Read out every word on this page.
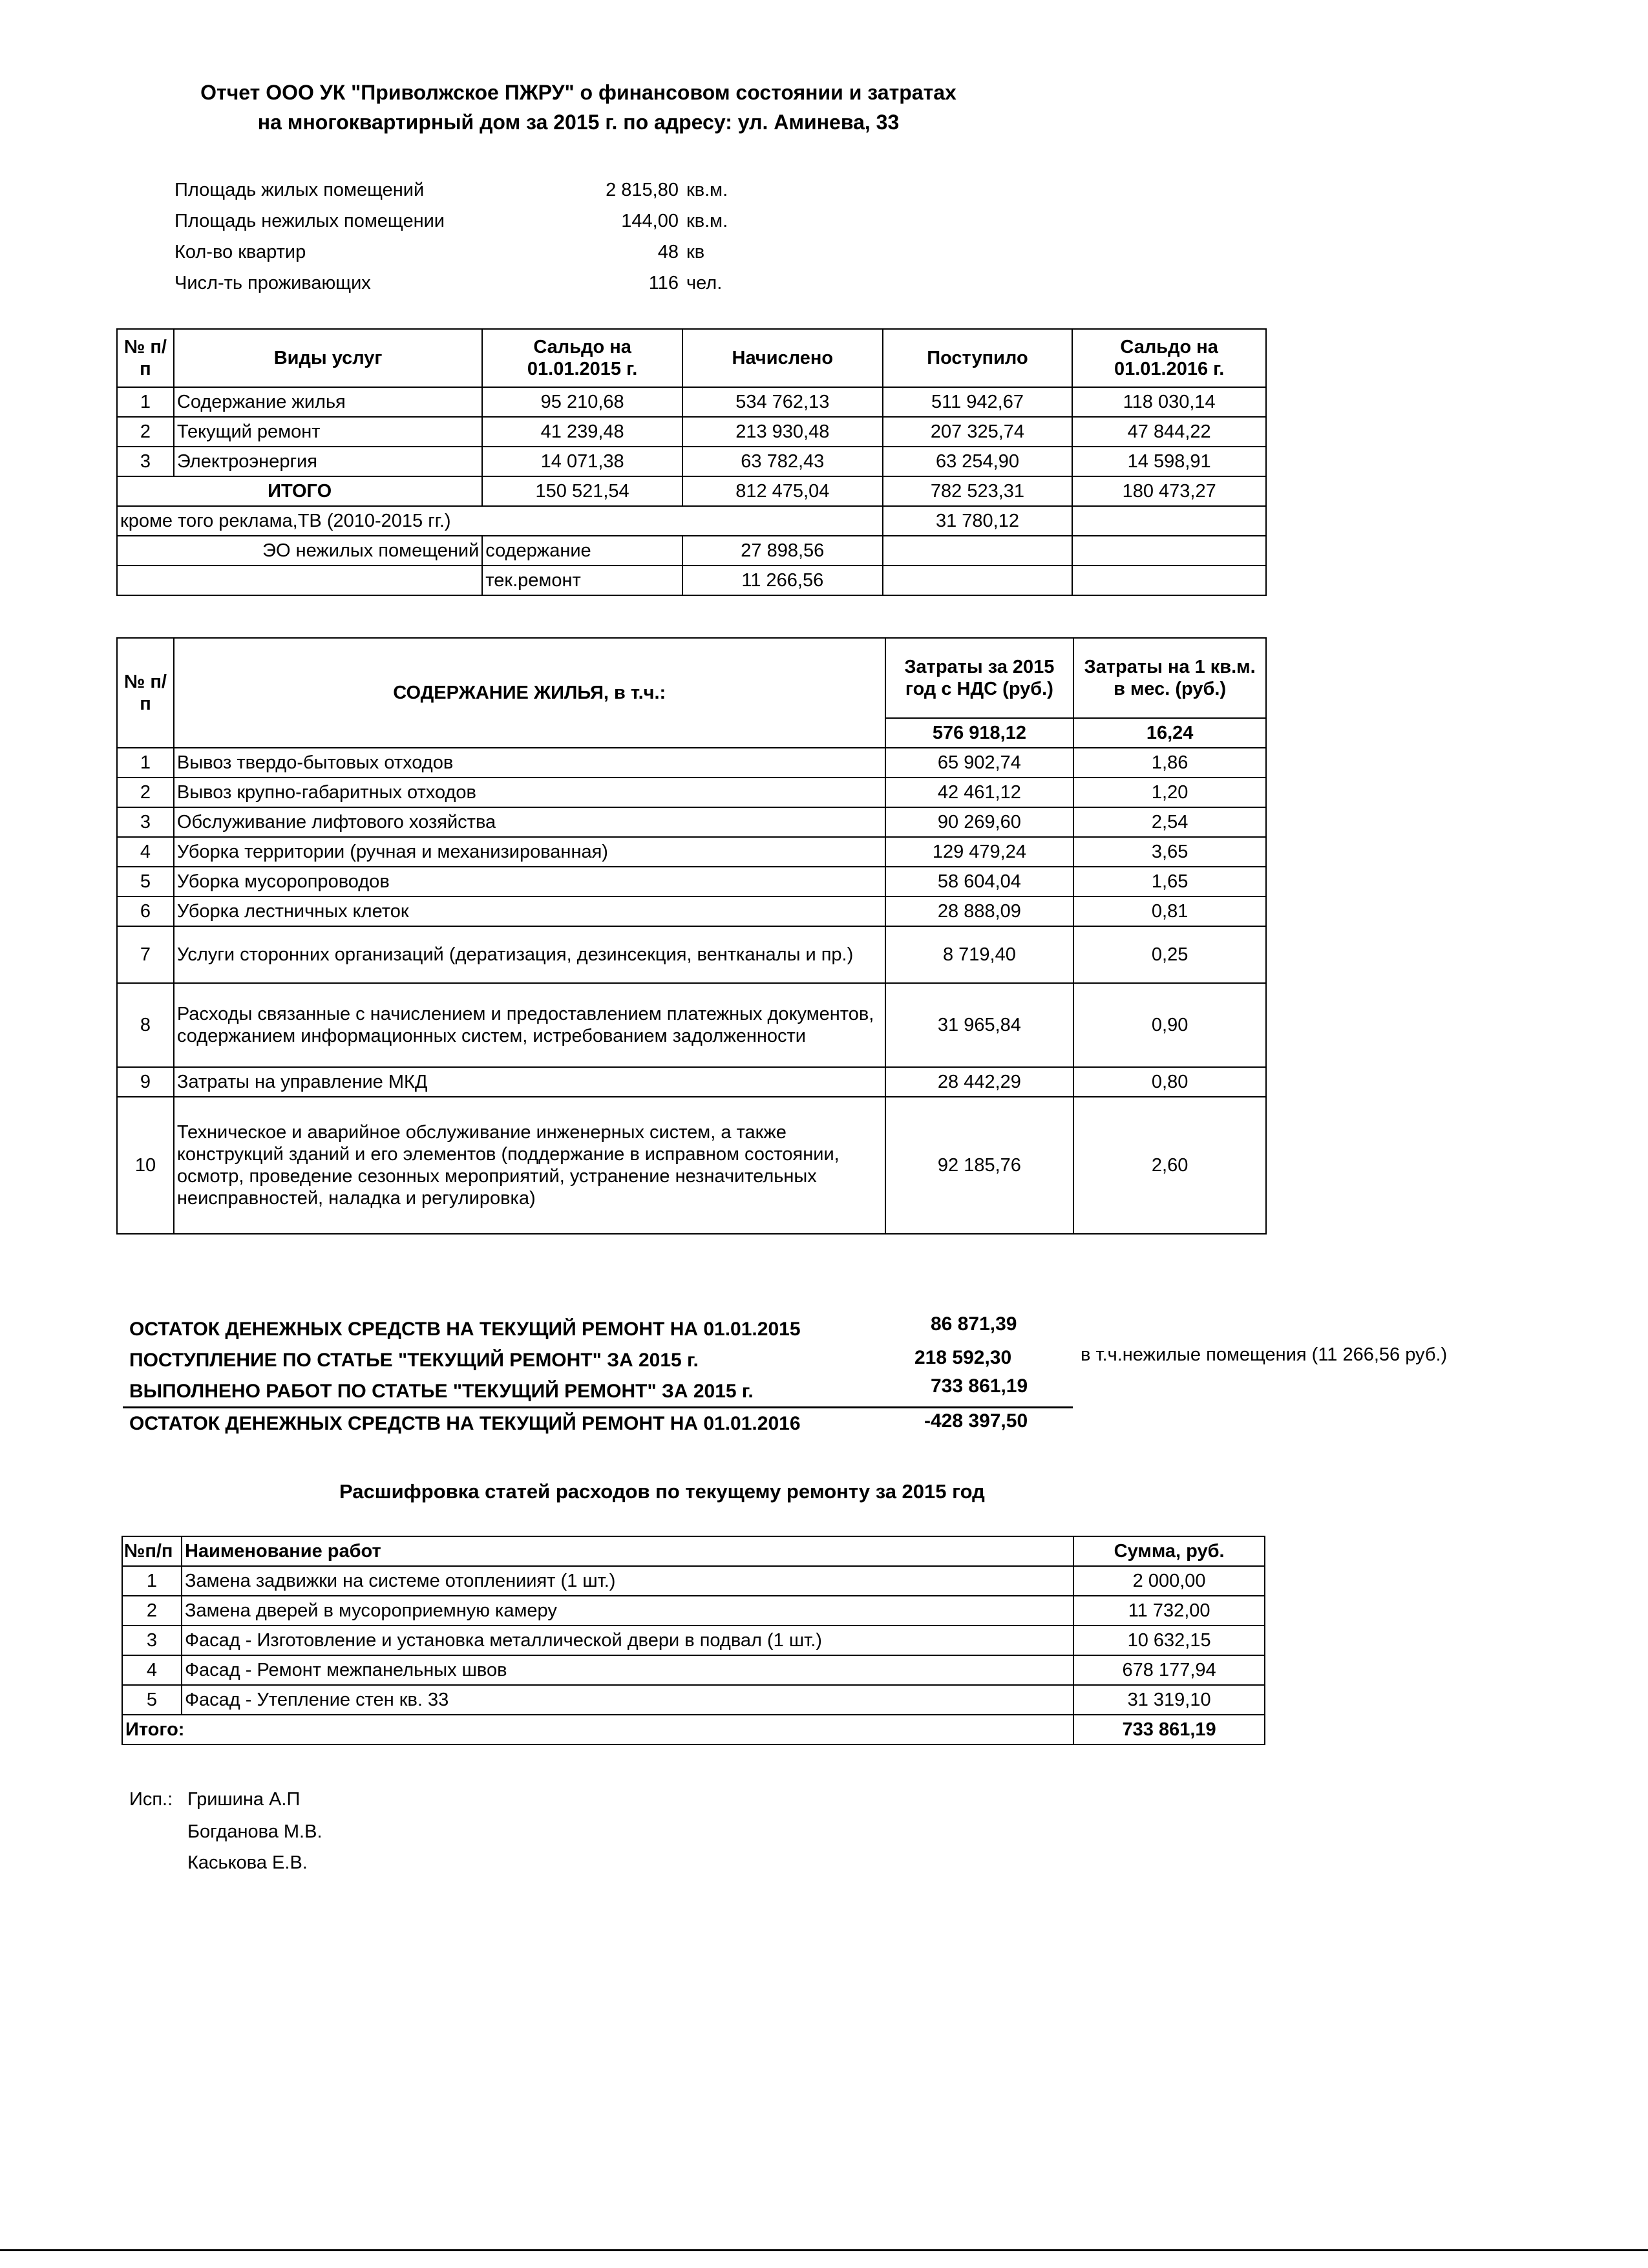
Отчет ООО УК "Приволжское ПЖРУ" о финансовом состоянии и затратах
на многоквартирный дом за 2015 г. по адресу: ул. Аминева, 33
Площадь жилых помещений	2 815,80 кв.м.
Площадь нежилых помещении	144,00 кв.м.
Кол-во квартир	48 кв
Числ-ть проживающих	116 чел.
№ п/п	Виды услуг	Сальдо на 01.01.2015 г.	Начислено	Поступило	Сальдо на 01.01.2016 г.
1	Содержание жилья	95 210,68	534 762,13	511 942,67	118 030,14
2	Текущий ремонт	41 239,48	213 930,48	207 325,74	47 844,22
3	Электроэнергия	14 071,38	63 782,43	63 254,90	14 598,91
ИТОГО		150 521,54	812 475,04	782 523,31	180 473,27
кроме того реклама,ТВ (2010-2015 гг.)				31 780,12	
ЭО нежилых помещений		содержание	27 898,56		
		тек.ремонт	11 266,56		
№ п/п	СОДЕРЖАНИЕ ЖИЛЬЯ, в т.ч.:	Затраты за 2015 год с НДС (руб.)	Затраты на 1 кв.м. в мес. (руб.)
		576 918,12	16,24
1	Вывоз твердо-бытовых отходов	65 902,74	1,86
2	Вывоз крупно-габаритных отходов	42 461,12	1,20
3	Обслуживание лифтового хозяйства	90 269,60	2,54
4	Уборка территории (ручная и механизированная)	129 479,24	3,65
5	Уборка мусоропроводов	58 604,04	1,65
6	Уборка лестничных клеток	28 888,09	0,81
7	Услуги сторонних организаций (дератизация, дезинсекция, вентканалы и пр.)	8 719,40	0,25
8	Расходы связанные с начислением и предоставлением платежных документов, содержанием информационных систем, истребованием задолженности	31 965,84	0,90
9	Затраты на управление МКД	28 442,29	0,80
10	Техническое и аварийное обслуживание инженерных систем, а также конструкций зданий и его элементов (поддержание в исправном состоянии, осмотр, проведение сезонных мероприятий, устранение незначительных неисправностей, наладка и регулировка)	92 185,76	2,60
ОСТАТОК ДЕНЕЖНЫХ СРЕДСТВ НА ТЕКУЩИЙ РЕМОНТ НА 01.01.2015	86 871,39
ПОСТУПЛЕНИЕ ПО СТАТЬЕ "ТЕКУЩИЙ РЕМОНТ" ЗА 2015 г.	218 592,30	в т.ч.нежилые помещения (11 266,56 руб.)
ВЫПОЛНЕНО РАБОТ ПО СТАТЬЕ "ТЕКУЩИЙ РЕМОНТ" ЗА 2015 г.	733 861,19
ОСТАТОК ДЕНЕЖНЫХ СРЕДСТВ НА ТЕКУЩИЙ РЕМОНТ НА 01.01.2016	-428 397,50
Расшифровка статей расходов по текущему ремонту за 2015 год
№п/п	Наименование работ	Сумма, руб.
1	Замена задвижки на системе отоплениият (1 шт.)	2 000,00
2	Замена дверей в мусороприемную камеру	11 732,00
3	Фасад - Изготовление и установка металлической двери в подвал (1 шт.)	10 632,15
4	Фасад - Ремонт межпанельных швов	678 177,94
5	Фасад - Утепление стен кв. 33	31 319,10
Итого:		733 861,19
Исп.: Гришина А.П
Богданова М.В.
Каськова Е.В.
